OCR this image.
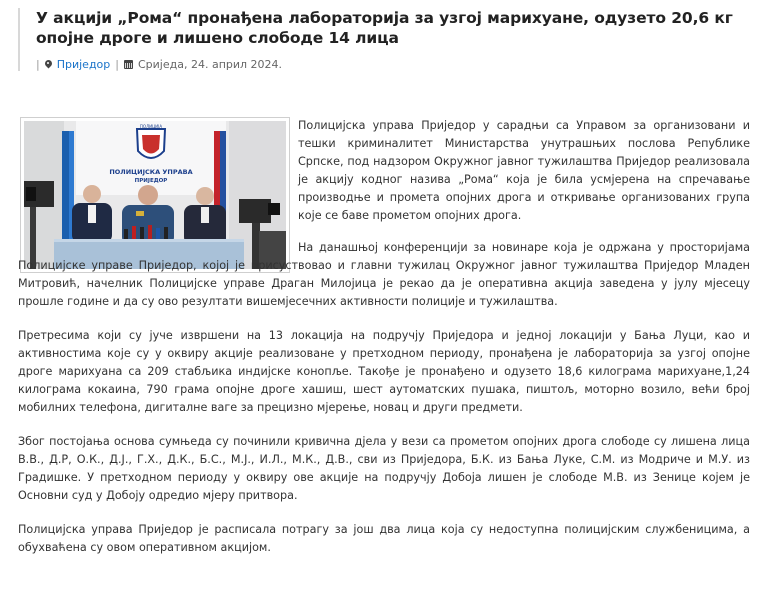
У акцији „Рома“ пронађена лабораторија за узгој марихуане, одузето 20,6 кг опојне дроге и лишено слободе 14 лица
| Приједор | Сриједа, 24. април 2024.
ПОЛИЦИЈА
ПОЛИЦИЈСКА УПРАВА
ПРИЈЕДОР

Полицијска управа Приједор у сарадњи са Управом за организовани и тешки криминалитет Министарства унутрашњих послова Републике Српске, под надзором Окружног јавног тужилаштва Приједор реализовала је акцију кодног назива „Рома“ која је била усмјерена на спречавање производње и промета опојних дрога и откривање организованих група које се баве прометом опојних дрога.

На данашњој конференцији за новинаре која је одржана у просторијама Полицијске управе Приједор, којој је присуствовао и главни тужилац Окружног јавног тужилаштва Приједор Младен Митровић, начелник Полицијске управе Драган Милојица је рекао да је оперативна акција заведена у јулу мјесецу прошле године и да су ово резултати вишемјесечних активности полиције и тужилаштва.

Претресима који су јуче извршени на 13 локација на подручју Приједора и једној локацији у Бања Луци, као и активностима које су у оквиру акције реализоване у претходном периоду, пронађена је лабораторија за узгој опојне дроге марихуана са 209 стабљика индијске конопље. Такође је пронађено и одузето 18,6 килограма марихуане,1,24 килограма кокаина, 790 грама опојне дроге хашиш, шест аутоматских пушака, пиштољ, моторно возило, већи број мобилних телефона, дигиталне ваге за прецизно мјерење, новац и други предмети.

Због постојања основа сумњеда су починили кривична дјела у вези са прометом опојних дрога слободе су лишена лица В.В., Д.Р, О.К., Д.Ј., Г.Х., Д.К., Б.С., М.Ј., И.Л., М.К., Д.В., сви из Приједора, Б.К. из Бања Луке, С.М. из Модриче и М.У. из Градишке. У претходном периоду у оквиру ове акције на подручју Добоја лишен је слободе М.В. из Зенице којем је Основни суд у Добоју одредио мјеру притвора.

Полицијска управа Приједор је расписала потрагу за још два лица која су недоступна полицијским службеницима, а обухваћена су овом оперативном акцијом.
